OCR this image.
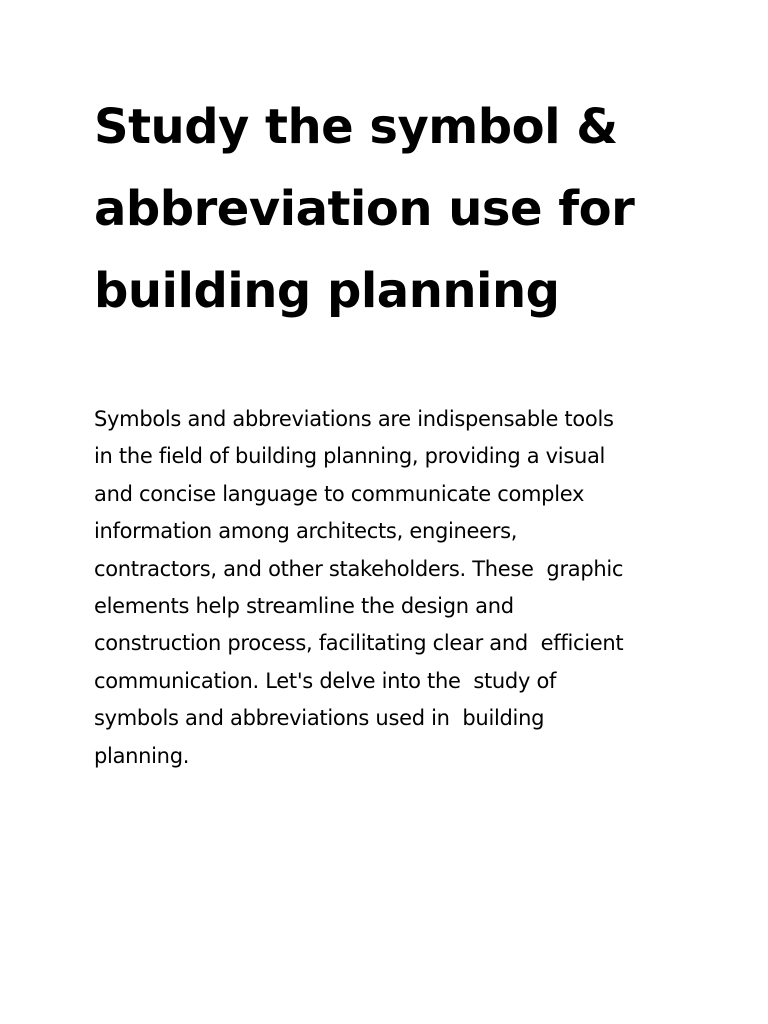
Study the symbol &
abbreviation use for
building planning

Symbols and abbreviations are indispensable tools
in the field of building planning, providing a visual
and concise language to communicate complex
information among architects, engineers,
contractors, and other stakeholders. These  graphic
elements help streamline the design and
construction process, facilitating clear and  efficient
communication. Let's delve into the  study of
symbols and abbreviations used in  building
planning.
